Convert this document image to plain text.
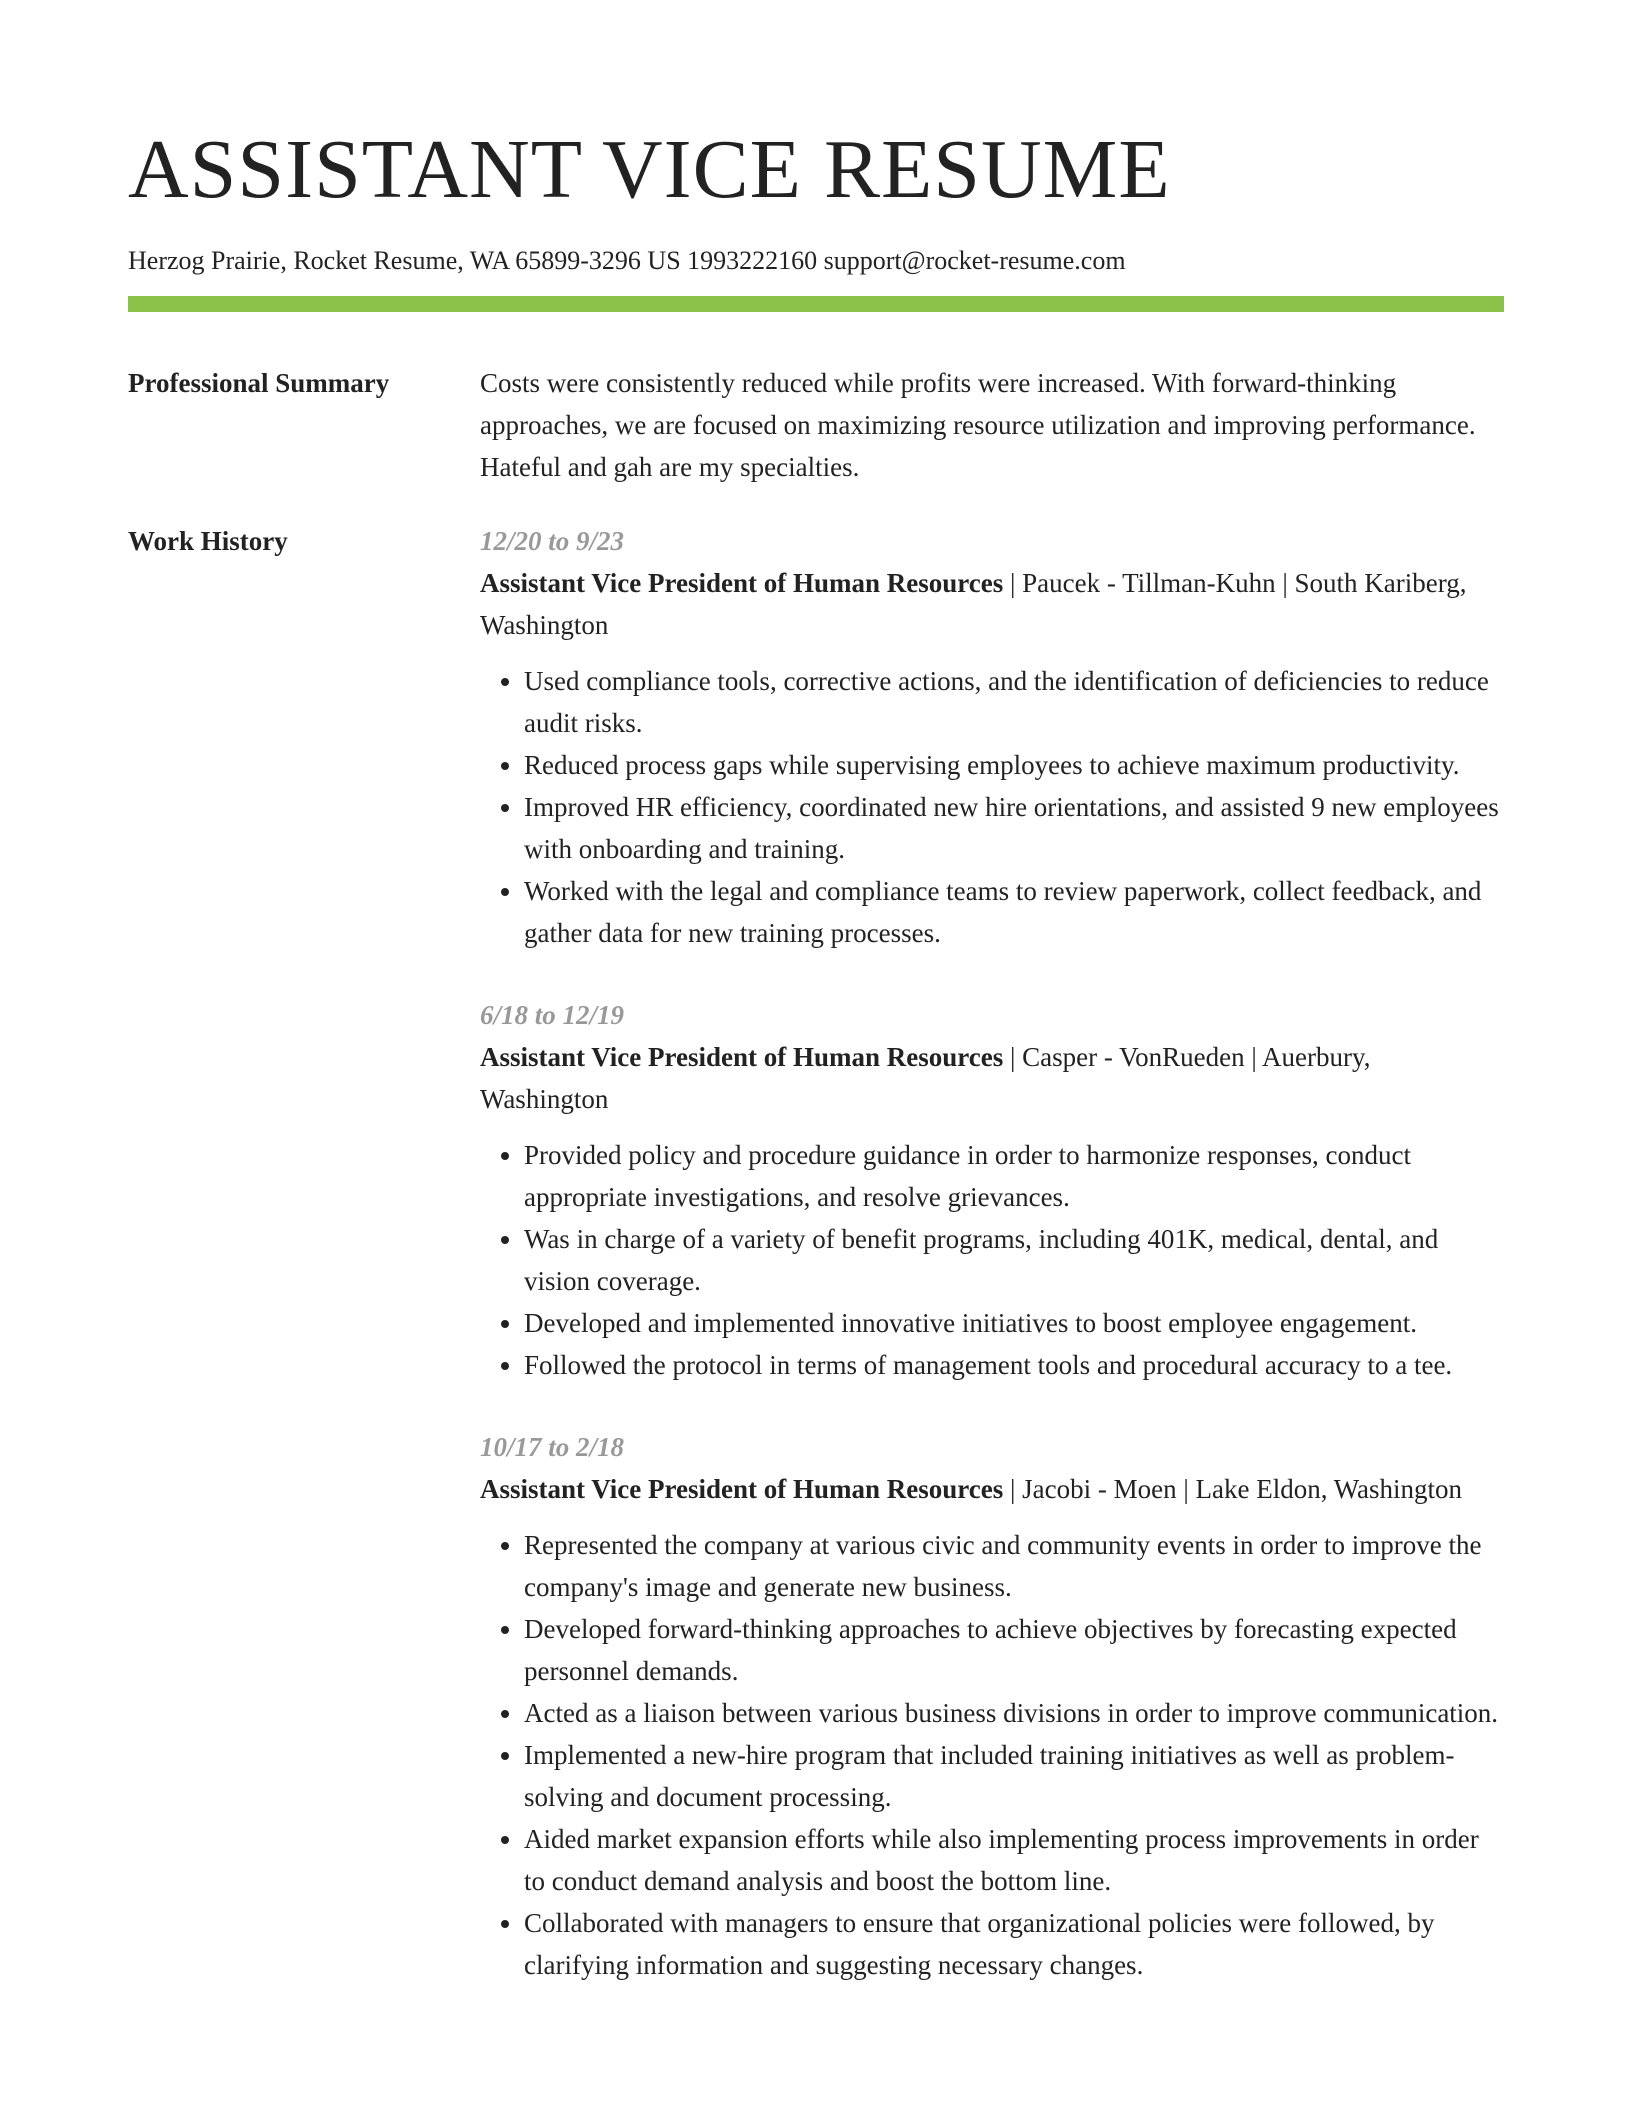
ASSISTANT VICE RESUME
Herzog Prairie, Rocket Resume, WA 65899-3296 US 1993222160 support@rocket-resume.com
Professional Summary	Costs were consistently reduced while profits were increased. With forward-thinking approaches, we are focused on maximizing resource utilization and improving performance. Hateful and gah are my specialties.
Work History	12/20 to 9/23
Assistant Vice President of Human Resources | Paucek - Tillman-Kuhn | South Kariberg, Washington
• Used compliance tools, corrective actions, and the identification of deficiencies to reduce audit risks.
• Reduced process gaps while supervising employees to achieve maximum productivity.
• Improved HR efficiency, coordinated new hire orientations, and assisted 9 new employees with onboarding and training.
• Worked with the legal and compliance teams to review paperwork, collect feedback, and gather data for new training processes.
6/18 to 12/19
Assistant Vice President of Human Resources | Casper - VonRueden | Auerbury, Washington
• Provided policy and procedure guidance in order to harmonize responses, conduct appropriate investigations, and resolve grievances.
• Was in charge of a variety of benefit programs, including 401K, medical, dental, and vision coverage.
• Developed and implemented innovative initiatives to boost employee engagement.
• Followed the protocol in terms of management tools and procedural accuracy to a tee.
10/17 to 2/18
Assistant Vice President of Human Resources | Jacobi - Moen | Lake Eldon, Washington
• Represented the company at various civic and community events in order to improve the company's image and generate new business.
• Developed forward-thinking approaches to achieve objectives by forecasting expected personnel demands.
• Acted as a liaison between various business divisions in order to improve communication.
• Implemented a new-hire program that included training initiatives as well as problem-solving and document processing.
• Aided market expansion efforts while also implementing process improvements in order to conduct demand analysis and boost the bottom line.
• Collaborated with managers to ensure that organizational policies were followed, by clarifying information and suggesting necessary changes.
